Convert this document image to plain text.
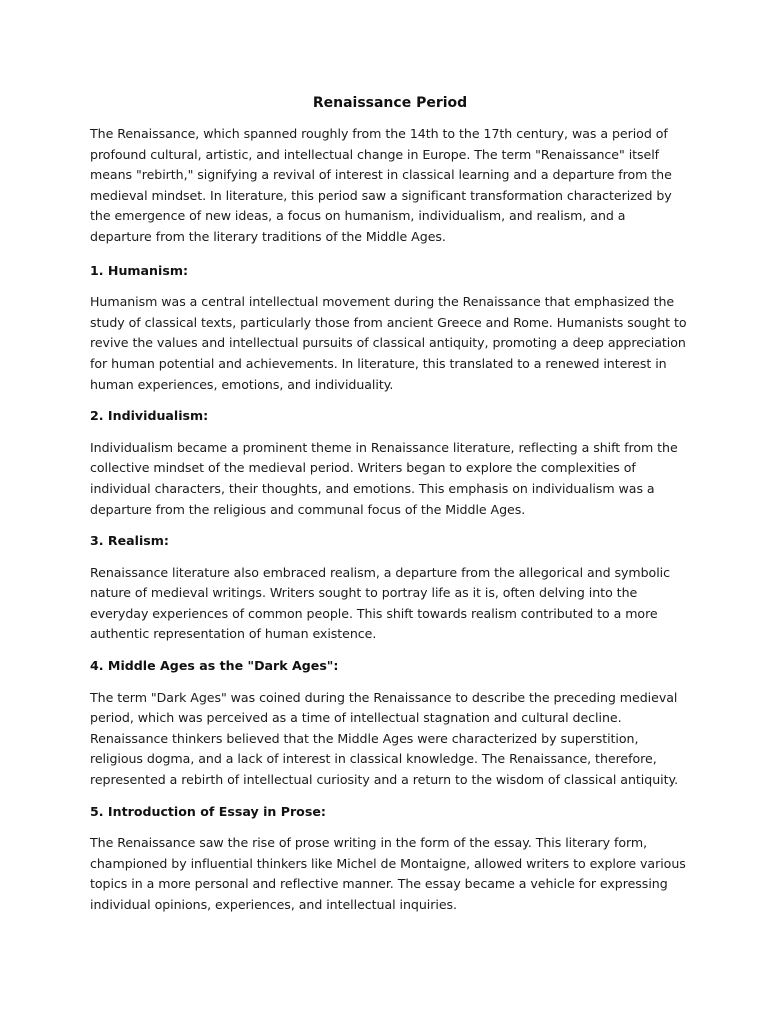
Renaissance Period

The Renaissance, which spanned roughly from the 14th to the 17th century, was a period of profound cultural, artistic, and intellectual change in Europe. The term "Renaissance" itself means "rebirth," signifying a revival of interest in classical learning and a departure from the medieval mindset. In literature, this period saw a significant transformation characterized by the emergence of new ideas, a focus on humanism, individualism, and realism, and a departure from the literary traditions of the Middle Ages.

1. Humanism:

Humanism was a central intellectual movement during the Renaissance that emphasized the study of classical texts, particularly those from ancient Greece and Rome. Humanists sought to revive the values and intellectual pursuits of classical antiquity, promoting a deep appreciation for human potential and achievements. In literature, this translated to a renewed interest in human experiences, emotions, and individuality.

2. Individualism:

Individualism became a prominent theme in Renaissance literature, reflecting a shift from the collective mindset of the medieval period. Writers began to explore the complexities of individual characters, their thoughts, and emotions. This emphasis on individualism was a departure from the religious and communal focus of the Middle Ages.

3. Realism:

Renaissance literature also embraced realism, a departure from the allegorical and symbolic nature of medieval writings. Writers sought to portray life as it is, often delving into the everyday experiences of common people. This shift towards realism contributed to a more authentic representation of human existence.

4. Middle Ages as the "Dark Ages":

The term "Dark Ages" was coined during the Renaissance to describe the preceding medieval period, which was perceived as a time of intellectual stagnation and cultural decline. Renaissance thinkers believed that the Middle Ages were characterized by superstition, religious dogma, and a lack of interest in classical knowledge. The Renaissance, therefore, represented a rebirth of intellectual curiosity and a return to the wisdom of classical antiquity.

5. Introduction of Essay in Prose:

The Renaissance saw the rise of prose writing in the form of the essay. This literary form, championed by influential thinkers like Michel de Montaigne, allowed writers to explore various topics in a more personal and reflective manner. The essay became a vehicle for expressing individual opinions, experiences, and intellectual inquiries.
